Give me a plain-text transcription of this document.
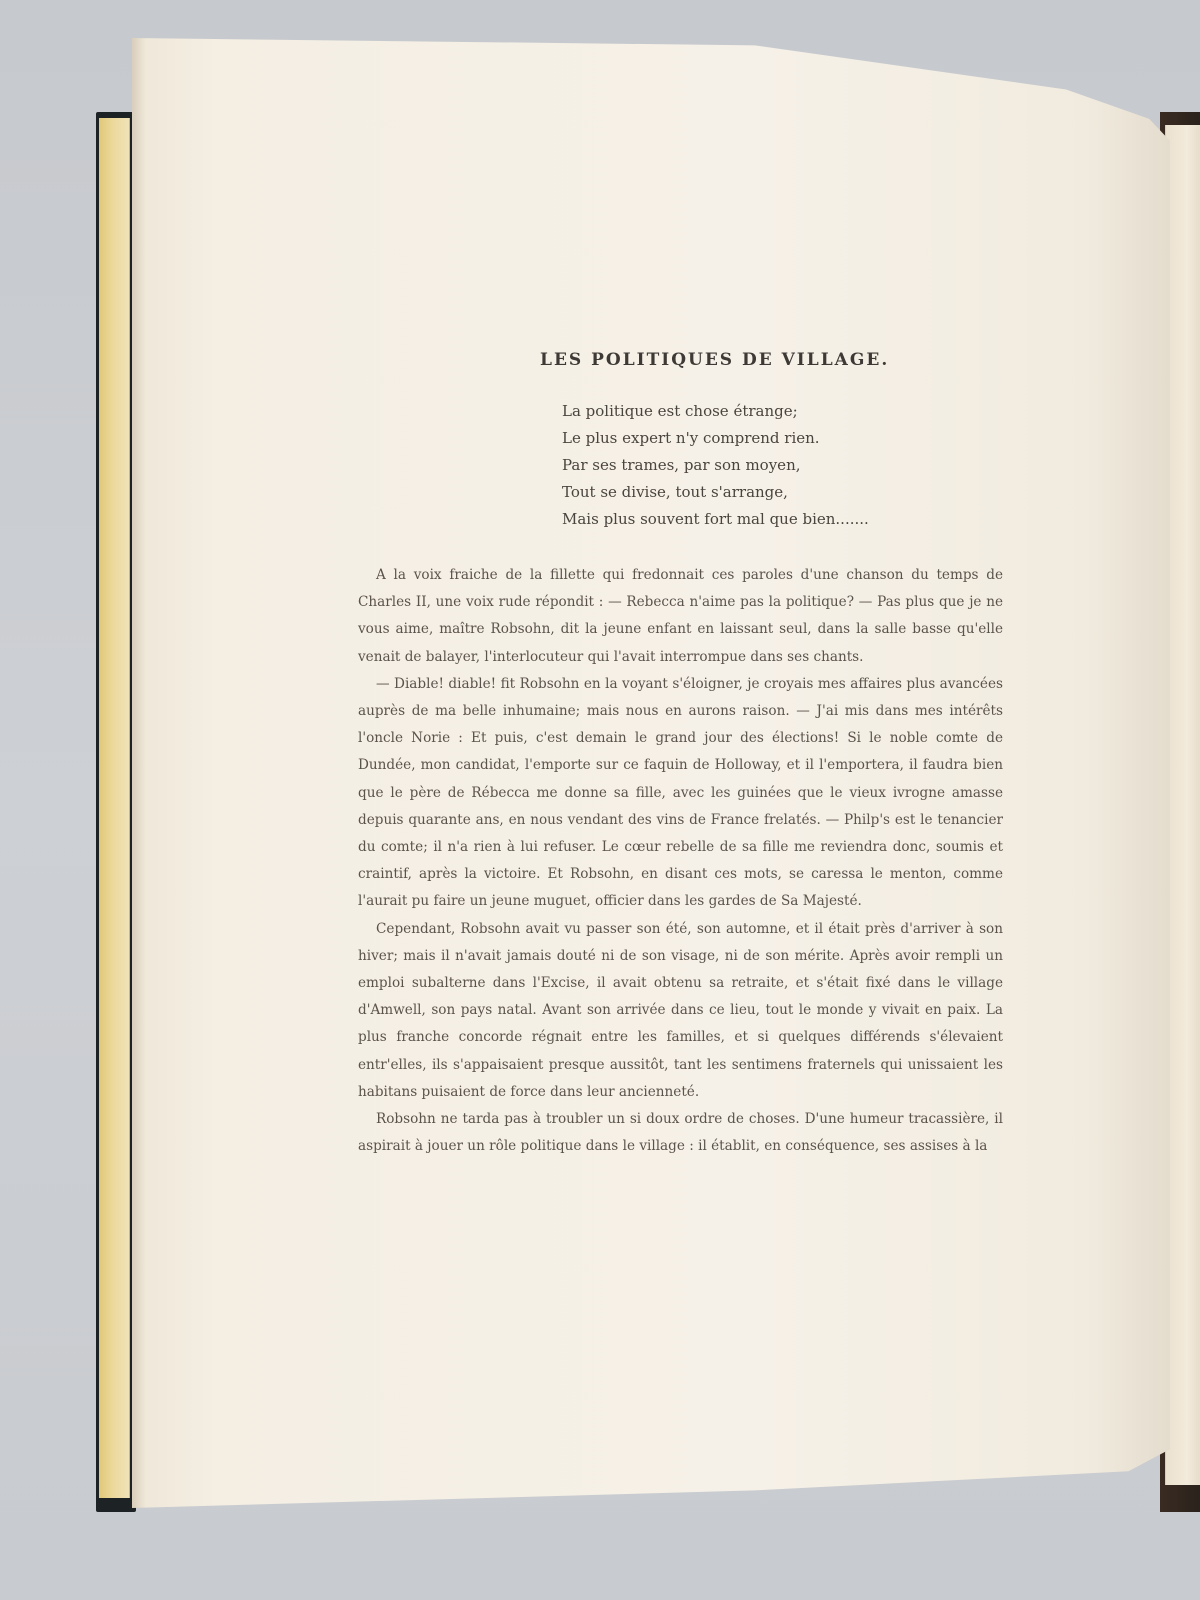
LES POLITIQUES DE VILLAGE.
La politique est chose étrange;
Le plus expert n'y comprend rien.
Par ses trames, par son moyen,
Tout se divise, tout s'arrange,
Mais plus souvent fort mal que bien.......

A la voix fraiche de la fillette qui fredonnait ces paroles d'une chanson du temps de Charles II, une voix rude répondit : — Rebecca n'aime pas la politique? — Pas plus que je ne vous aime, maître Robsohn, dit la jeune enfant en laissant seul, dans la salle basse qu'elle venait de balayer, l'interlocuteur qui l'avait interrompue dans ses chants.

— Diable! diable! fit Robsohn en la voyant s'éloigner, je croyais mes affaires plus avancées auprès de ma belle inhumaine; mais nous en aurons raison. — J'ai mis dans mes intérêts l'oncle Norie : Et puis, c'est demain le grand jour des élections! Si le noble comte de Dundée, mon candidat, l'emporte sur ce faquin de Holloway, et il l'emportera, il faudra bien que le père de Rébecca me donne sa fille, avec les guinées que le vieux ivrogne amasse depuis quarante ans, en nous vendant des vins de France frelatés. — Philp's est le tenancier du comte; il n'a rien à lui refuser. Le cœur rebelle de sa fille me reviendra donc, soumis et craintif, après la victoire. Et Robsohn, en disant ces mots, se caressa le menton, comme l'aurait pu faire un jeune muguet, officier dans les gardes de Sa Majesté.

Cependant, Robsohn avait vu passer son été, son automne, et il était près d'arriver à son hiver; mais il n'avait jamais douté ni de son visage, ni de son mérite. Après avoir rempli un emploi subalterne dans l'Excise, il avait obtenu sa retraite, et s'était fixé dans le village d'Amwell, son pays natal. Avant son arrivée dans ce lieu, tout le monde y vivait en paix. La plus franche concorde régnait entre les familles, et si quelques différends s'élevaient entr'elles, ils s'appaisaient presque aussitôt, tant les sentimens fraternels qui unissaient les habitans puisaient de force dans leur ancienneté.

Robsohn ne tarda pas à troubler un si doux ordre de choses. D'une humeur tracassière, il aspirait à jouer un rôle politique dans le village : il établit, en conséquence, ses assises à la
